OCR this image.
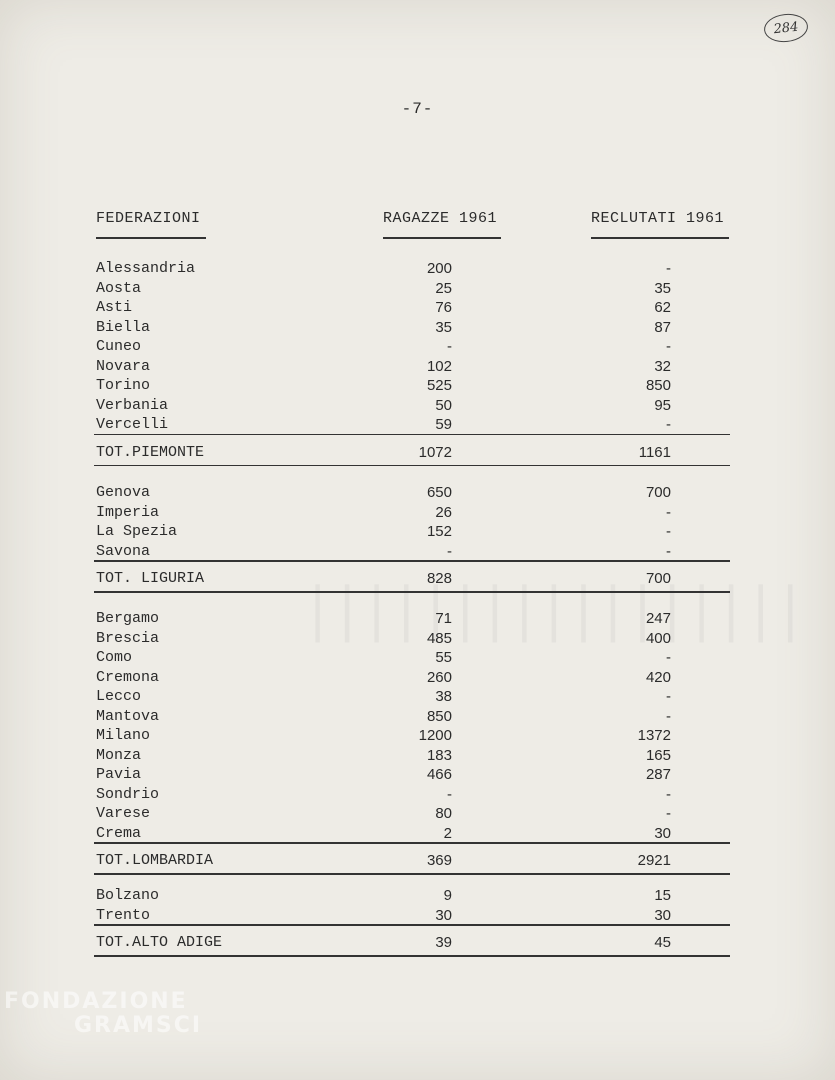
284
-7-
FEDERAZIONI	RAGAZZE 1961	RECLUTATI 1961
Alessandria	200	-
Aosta	25	35
Asti	76	62
Biella	35	87
Cuneo	-	-
Novara	102	32
Torino	525	850
Verbania	50	95
Vercelli	59	-
TOT.PIEMONTE	1072	1161
Genova	650	700
Imperia	26	-
La Spezia	152	-
Savona	-	-
TOT. LIGURIA	828	700
Bergamo	71	247
Brescia	485	400
Como	55	-
Cremona	260	420
Lecco	38	-
Mantova	850	-
Milano	1200	1372
Monza	183	165
Pavia	466	287
Sondrio	-	-
Varese	80	-
Crema	2	30
TOT.LOMBARDIA	369	2921
Bolzano	9	15
Trento	30	30
TOT.ALTO ADIGE	39	45
FONDAZIONE
GRAMSCI
